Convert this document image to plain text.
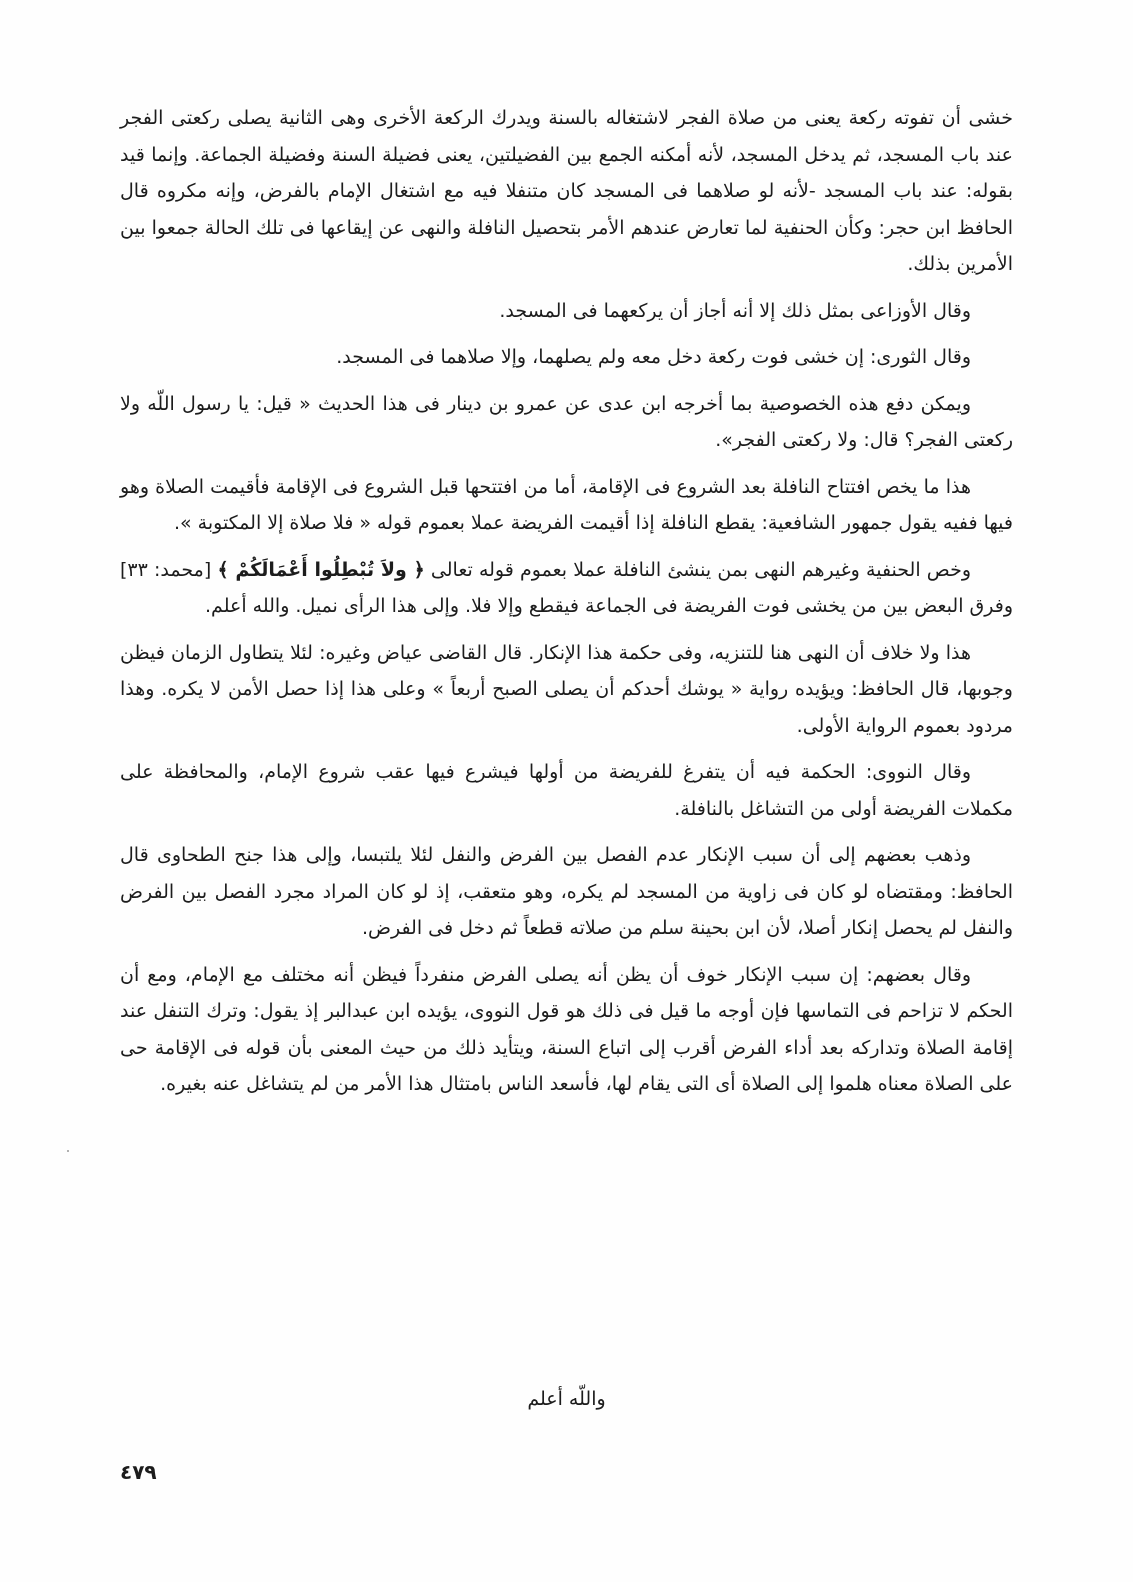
خشى أن تفوته ركعة يعنى من صلاة الفجر لاشتغاله بالسنة ويدرك الركعة الأخرى وهى الثانية يصلى ركعتى الفجر عند باب المسجد، ثم يدخل المسجد، لأنه أمكنه الجمع بين الفضيلتين، يعنى فضيلة السنة وفضيلة الجماعة. وإنما قيد بقوله: عند باب المسجد -لأنه لو صلاهما فى المسجد كان متنفلا فيه مع اشتغال الإمام بالفرض، وإنه مكروه قال الحافظ ابن حجر: وكأن الحنفية لما تعارض عندهم الأمر بتحصيل النافلة والنهى عن إيقاعها فى تلك الحالة جمعوا بين الأمرين بذلك.

وقال الأوزاعى بمثل ذلك إلا أنه أجاز أن يركعهما فى المسجد.

وقال الثورى: إن خشى فوت ركعة دخل معه ولم يصلهما، وإلا صلاهما فى المسجد.

ويمكن دفع هذه الخصوصية بما أخرجه ابن عدى عن عمرو بن دينار فى هذا الحديث « قيل: يا رسول اللّه ولا ركعتى الفجر؟ قال: ولا ركعتى الفجر».

هذا ما يخص افتتاح النافلة بعد الشروع فى الإقامة، أما من افتتحها قبل الشروع فى الإقامة فأقيمت الصلاة وهو فيها ففيه يقول جمهور الشافعية: يقطع النافلة إذا أقيمت الفريضة عملا بعموم قوله « فلا صلاة إلا المكتوبة ».

وخص الحنفية وغيرهم النهى بمن ينشئ النافلة عملا بعموم قوله تعالى ﴿ ولاَ تُبْطِلُوا أَعْمَالَكُمْ ﴾ [محمد: ٣٣] وفرق البعض بين من يخشى فوت الفريضة فى الجماعة فيقطع وإلا فلا. وإلى هذا الرأى نميل. والله أعلم.

هذا ولا خلاف أن النهى هنا للتنزيه، وفى حكمة هذا الإنكار. قال القاضى عياض وغيره: لئلا يتطاول الزمان فيظن وجوبها، قال الحافظ: ويؤيده رواية « يوشك أحدكم أن يصلى الصبح أربعاً » وعلى هذا إذا حصل الأمن لا يكره. وهذا مردود بعموم الرواية الأولى.

وقال النووى: الحكمة فيه أن يتفرغ للفريضة من أولها فيشرع فيها عقب شروع الإمام، والمحافظة على مكملات الفريضة أولى من التشاغل بالنافلة.

وذهب بعضهم إلى أن سبب الإنكار عدم الفصل بين الفرض والنفل لئلا يلتبسا، وإلى هذا جنح الطحاوى قال الحافظ: ومقتضاه لو كان فى زاوية من المسجد لم يكره، وهو متعقب، إذ لو كان المراد مجرد الفصل بين الفرض والنفل لم يحصل إنكار أصلا، لأن ابن بحينة سلم من صلاته قطعاً ثم دخل فى الفرض.

وقال بعضهم: إن سبب الإنكار خوف أن يظن أنه يصلى الفرض منفرداً فيظن أنه مختلف مع الإمام، ومع أن الحكم لا تزاحم فى التماسها فإن أوجه ما قيل فى ذلك هو قول النووى، يؤيده ابن عبدالبر إذ يقول: وترك التنفل عند إقامة الصلاة وتداركه بعد أداء الفرض أقرب إلى اتباع السنة، ويتأيد ذلك من حيث المعنى بأن قوله فى الإقامة حى على الصلاة معناه هلموا إلى الصلاة أى التى يقام لها، فأسعد الناس بامتثال هذا الأمر من لم يتشاغل عنه بغيره.

واللّه أعلم
٤٧٩
